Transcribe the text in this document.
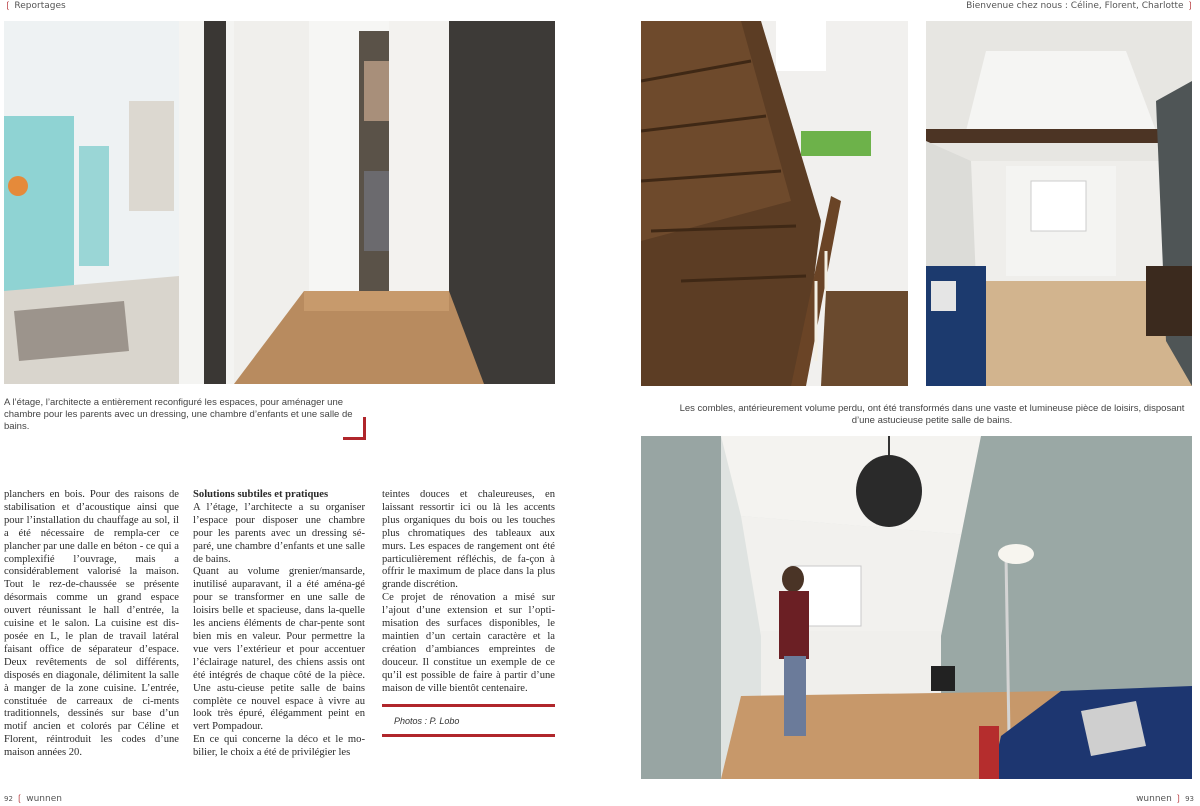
❲ Reportages	Bienvenue chez nous : Céline, Florent, Charlotte ❳
A l’étage, l’architecte a entièrement reconfiguré les espaces, pour aménager une chambre pour les parents avec un dressing, une chambre d’enfants et une salle de bains.
Les combles, antérieurement volume perdu, ont été transformés dans une vaste et lumineuse pièce de loisirs, disposant d’une astucieuse petite salle de bains.

planchers en bois. Pour des raisons de stabilisation et d’acoustique ainsi que pour l’installation du chauffage au sol, il a été nécessaire de rempla-cer ce plancher par une dalle en béton - ce qui a complexifié l’ouvrage, mais a considérablement valorisé la maison. Tout le rez-de-chaussée se présente désormais comme un grand espace ouvert réunissant le hall d’entrée, la cuisine et le salon. La cuisine est dis-posée en L, le plan de travail latéral faisant office de séparateur d’espace. Deux revêtements de sol différents, disposés en diagonale, délimitent la salle à manger de la zone cuisine. L’entrée, constituée de carreaux de ci-ments traditionnels, dessinés sur base d’un motif ancien et colorés par Céline et Florent, réintroduit les codes d’une maison années 20.

Solutions subtiles et pratiques

A l’étage, l’architecte a su organiser l’espace pour disposer une chambre pour les parents avec un dressing sé-paré, une chambre d’enfants et une salle de bains.

Quant au volume grenier/mansarde, inutilisé auparavant, il a été aména-gé pour se transformer en une salle de loisirs belle et spacieuse, dans la-quelle les anciens éléments de char-pente sont bien mis en valeur. Pour permettre la vue vers l’extérieur et pour accentuer l’éclairage naturel, des chiens assis ont été intégrés de chaque côté de la pièce. Une astu-cieuse petite salle de bains complète ce nouvel espace à vivre au look très épuré, élégamment peint en vert Pompadour.

En ce qui concerne la déco et le mo-bilier, le choix a été de privilégier les

teintes douces et chaleureuses, en laissant ressortir ici ou là les accents plus organiques du bois ou les touches plus chromatiques des tableaux aux murs. Les espaces de rangement ont été particulièrement réfléchis, de fa-çon à offrir le maximum de place dans la plus grande discrétion.

Ce projet de rénovation a misé sur l’ajout d’une extension et sur l’opti-misation des surfaces disponibles, le maintien d’un certain caractère et la création d’ambiances empreintes de douceur. Il constitue un exemple de ce qu’il est possible de faire à partir d’une maison de ville bientôt centenaire.

Photos : P. Lobo
92 ❲ wunnen	wunnen ❳ 93
